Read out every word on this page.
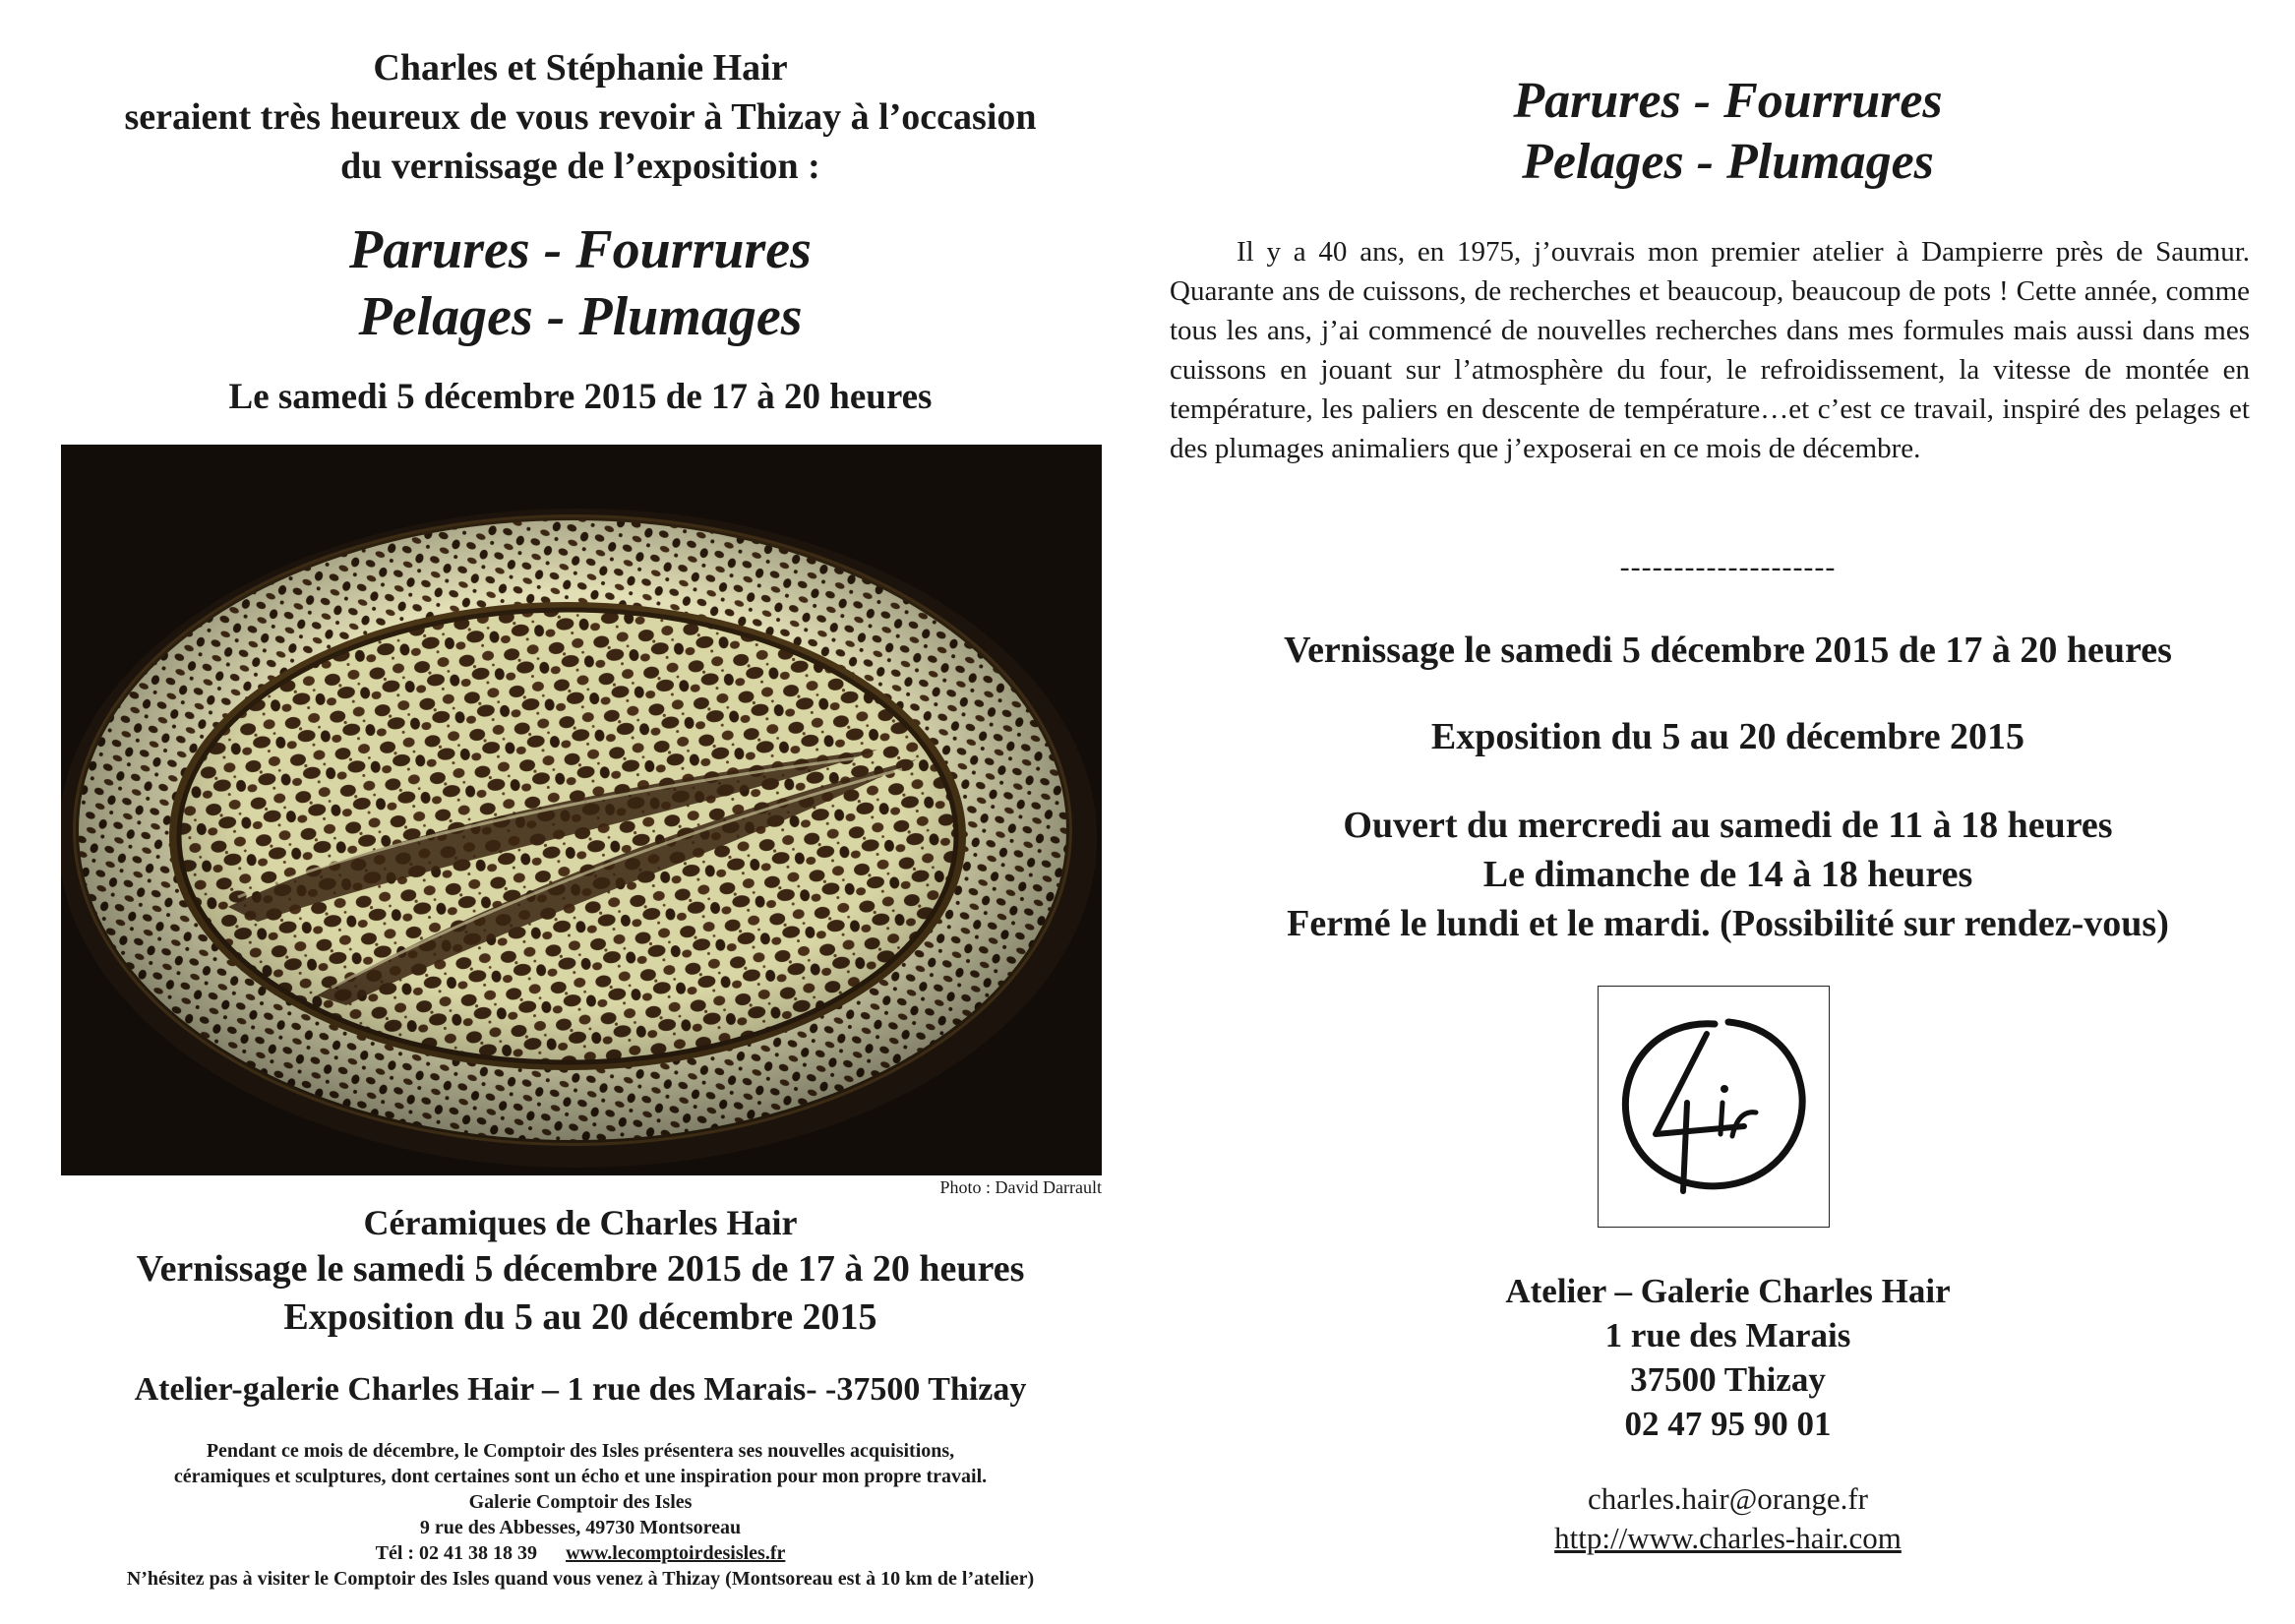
Charles et Stéphanie Hair
seraient très heureux de vous revoir à Thizay à l’occasion
du vernissage de l’exposition :
Parures - Fourrures
Pelages - Plumages
Le samedi 5 décembre 2015 de 17 à 20 heures
Photo : David Darrault
Céramiques de Charles Hair
Vernissage le samedi 5 décembre 2015 de 17 à 20 heures
Exposition du 5 au 20 décembre 2015
Atelier-galerie Charles Hair – 1 rue des Marais- -37500 Thizay
Pendant ce mois de décembre, le Comptoir des Isles présentera ses nouvelles acquisitions,
céramiques et sculptures, dont certaines sont un écho et une inspiration pour mon propre travail.
Galerie Comptoir des Isles
9 rue des Abbesses, 49730 Montsoreau
Tél : 02 41 38 18 39 www.lecomptoirdesisles.fr
N’hésitez pas à visiter le Comptoir des Isles quand vous venez à Thizay (Montsoreau est à 10 km de l’atelier)
Parures - Fourrures
Pelages - Plumages
Il y a 40 ans, en 1975, j’ouvrais mon premier atelier à Dampierre près de Saumur. Quarante ans de cuissons, de recherches et beaucoup, beaucoup de pots ! Cette année, comme tous les ans, j’ai commencé de nouvelles recherches dans mes formules mais aussi dans mes cuissons en jouant sur l’atmosphère du four, le refroidissement, la vitesse de montée en température, les paliers en descente de température…et c’est ce travail, inspiré des pelages et des plumages animaliers que j’exposerai en ce mois de décembre.
--------------------
Vernissage le samedi 5 décembre 2015 de 17 à 20 heures
Exposition du 5 au 20 décembre 2015
Ouvert du mercredi au samedi de 11 à 18 heures
Le dimanche de 14 à 18 heures
Fermé le lundi et le mardi. (Possibilité sur rendez-vous)
Atelier – Galerie Charles Hair
1 rue des Marais
37500 Thizay
02 47 95 90 01
charles.hair@orange.fr
http://www.charles-hair.com
